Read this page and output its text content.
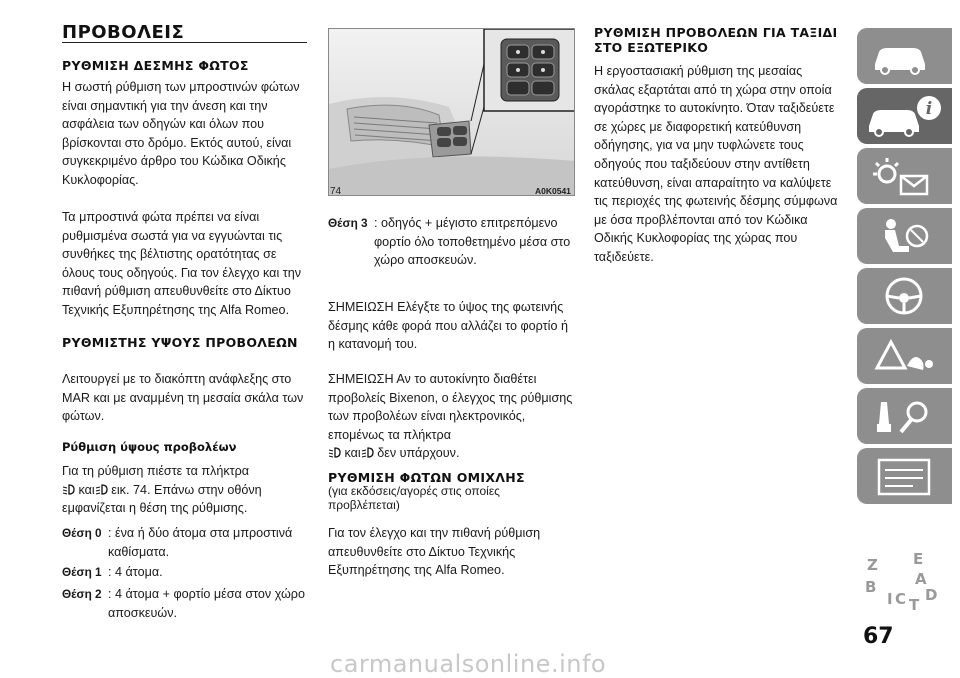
ΠΡΟΒΟΛΕΙΣ
ΡΥΘΜΙΣΗ ΔΕΣΜΗΣ ΦΩΤΟΣ

Η σωστή ρύθμιση των μπροστινών φώτων είναι σημαντική για την άνεση και την ασφάλεια των οδηγών και όλων που βρίσκονται στο δρόμο. Εκτός αυτού, είναι συγκεκριμένο άρθρο του Κώδικα Οδικής Κυκλοφορίας.

Τα μπροστινά φώτα πρέπει να είναι ρυθμισμένα σωστά για να εγγυώνται τις συνθήκες της βέλτιστης ορατότητας σε όλους τους οδηγούς. Για τον έλεγχο και την πιθανή ρύθμιση απευθυνθείτε στο Δίκτυο Τεχνικής Εξυπηρέτησης της Alfa Romeo.

ΡΥΘΜΙΣΤΗΣ ΥΨΟΥΣ ΠΡΟΒΟΛΕΩΝ

Λειτουργεί με το διακόπτη ανάφλεξης στο MAR και με αναμμένη τη μεσαία σκάλα των φώτων.

Ρύθμιση ύψους προβολέων

Για τη ρύθμιση πιέστε τα πλήκτρα
και εικ. 74. Επάνω στην οθόνη εμφανίζεται η θέση της ρύθμισης.

Θέση 0 : ένα ή δύο άτομα στα μπροστινά καθίσματα.
Θέση 1 : 4 άτομα.
Θέση 2 : 4 άτομα + φορτίο μέσα στον χώρο αποσκευών.
74	A0K0541
Θέση 3 : οδηγός + μέγιστο επιτρεπόμενο φορτίο όλο τοποθετημένο μέσα στο χώρο αποσκευών.

ΣΗΜΕΙΩΣΗ Ελέγξτε το ύψος της φωτεινής δέσμης κάθε φορά που αλλάζει το φορτίο ή η κατανομή του.

ΣΗΜΕΙΩΣΗ Αν το αυτοκίνητο διαθέτει προβολείς Bixenon, ο έλεγχος της ρύθμισης των προβολέων είναι ηλεκτρονικός, επομένως τα πλήκτρα
και δεν υπάρχουν.

ΡΥΘΜΙΣΗ ΦΩΤΩΝ ΟΜΙΧΛΗΣ
(για εκδόσεις/αγορές στις οποίες προβλέπεται)

Για τον έλεγχο και την πιθανή ρύθμιση απευθυνθείτε στο Δίκτυο Τεχνικής Εξυπηρέτησης της Alfa Romeo.

ΡΥΘΜΙΣΗ ΠΡΟΒΟΛΕΩΝ ΓΙΑ ΤΑΞΙΔΙ ΣΤΟ ΕΞΩΤΕΡΙΚΟ

Η εργοστασιακή ρύθμιση της μεσαίας σκάλας εξαρτάται από τη χώρα στην οποία αγοράστηκε το αυτοκίνητο. Όταν ταξιδεύετε σε χώρες με διαφορετική κατεύθυνση οδήγησης, για να μην τυφλώνετε τους οδηγούς που ταξιδεύουν στην αντίθετη κατεύθυνση, είναι απαραίτητο να καλύψετε τις περιοχές της φωτεινής δέσμης σύμφωνα με όσα προβλέπονται από τον Κώδικα Οδικής Κυκλοφορίας της χώρας που ταξιδεύετε.

i
Z E
A
B
I C T
D
67
carmanualsonline.info
